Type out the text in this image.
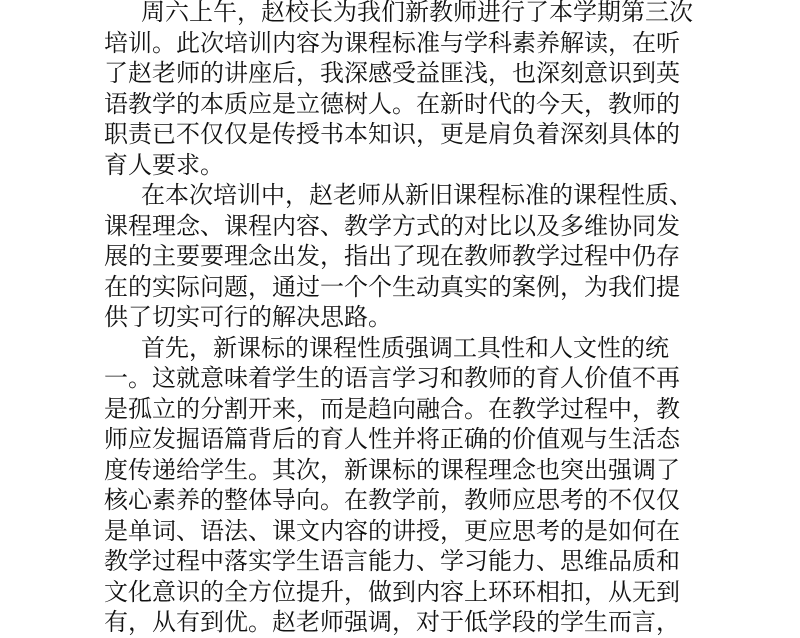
周六上午，赵校长为我们新教师进行了本学期第三次
培训。此次培训内容为课程标准与学科素养解读，在听
了赵老师的讲座后，我深感受益匪浅，也深刻意识到英
语教学的本质应是立德树人。在新时代的今天，教师的
职责已不仅仅是传授书本知识，更是肩负着深刻具体的
育人要求。
在本次培训中，赵老师从新旧课程标准的课程性质、
课程理念、课程内容、教学方式的对比以及多维协同发
展的主要要理念出发，指出了现在教师教学过程中仍存
在的实际问题，通过一个个生动真实的案例，为我们提
供了切实可行的解决思路。
首先，新课标的课程性质强调工具性和人文性的统
一。这就意味着学生的语言学习和教师的育人价值不再
是孤立的分割开来，而是趋向融合。在教学过程中，教
师应发掘语篇背后的育人性并将正确的价值观与生活态
度传递给学生。其次，新课标的课程理念也突出强调了
核心素养的整体导向。在教学前，教师应思考的不仅仅
是单词、语法、课文内容的讲授，更应思考的是如何在
教学过程中落实学生语言能力、学习能力、思维品质和
文化意识的全方位提升，做到内容上环环相扣，从无到
有，从有到优。赵老师强调，对于低学段的学生而言，
